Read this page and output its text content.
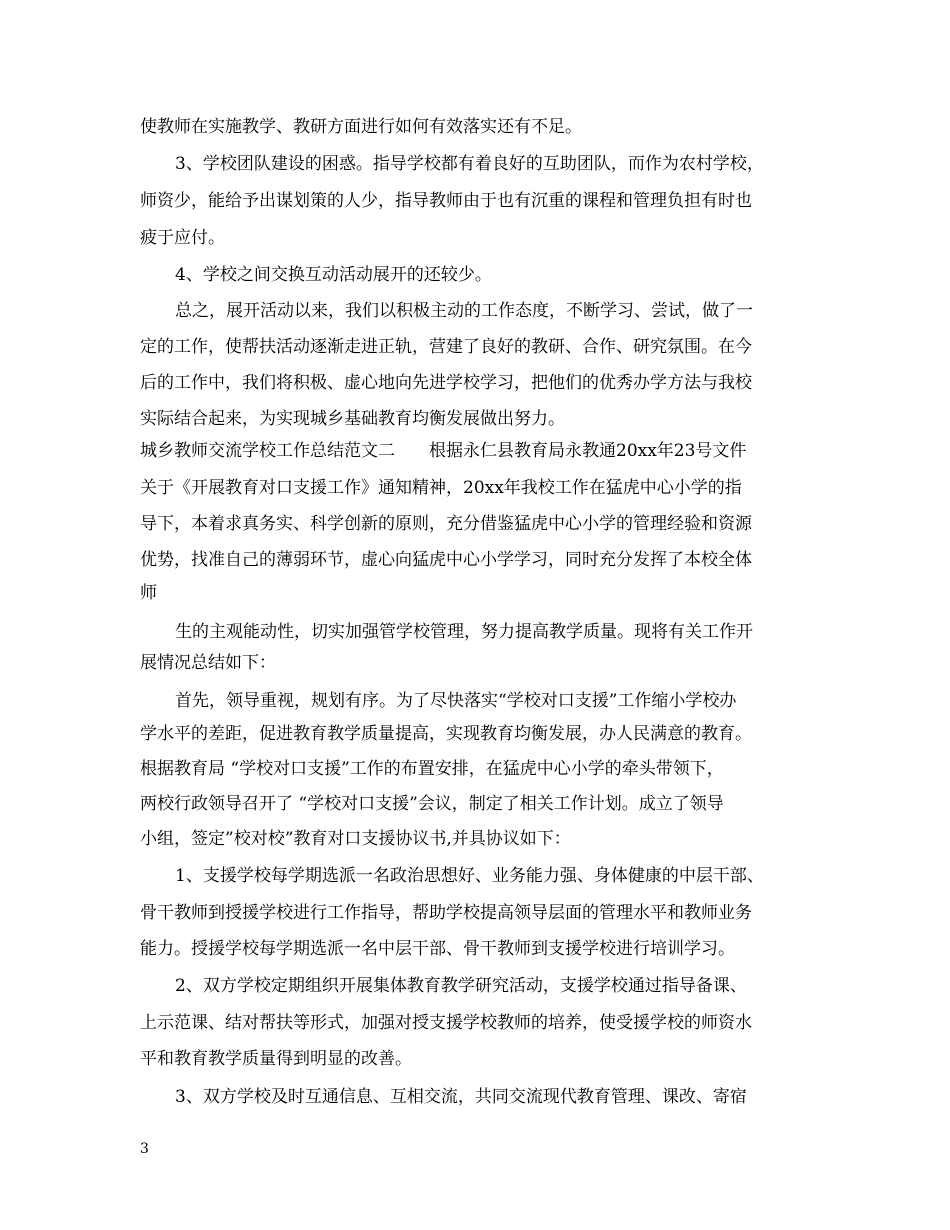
使教师在实施教学、教研方面进行如何有效落实还有不足。
3、学校团队建设的困惑。指导学校都有着良好的互助团队，而作为农村学校，
师资少，能给予出谋划策的人少，指导教师由于也有沉重的课程和管理负担有时也
疲于应付。
4、学校之间交换互动活动展开的还较少。
总之，展开活动以来，我们以积极主动的工作态度，不断学习、尝试，做了一
定的工作，使帮扶活动逐渐走进正轨，营建了良好的教研、合作、研究氛围。在今
后的工作中，我们将积极、虚心地向先进学校学习，把他们的优秀办学方法与我校
实际结合起来，为实现城乡基础教育均衡发展做出努力。
城乡教师交流学校工作总结范文二　　根据永仁县教育局永教通20xx年23号文件
关于《开展教育对口支援工作》通知精神，20xx年我校工作在猛虎中心小学的指
导下，本着求真务实、科学创新的原则，充分借鉴猛虎中心小学的管理经验和资源
优势，找准自己的薄弱环节，虚心向猛虎中心小学学习，同时充分发挥了本校全体
师
生的主观能动性，切实加强管学校管理，努力提高教学质量。现将有关工作开
展情况总结如下：
首先，领导重视，规划有序。为了尽快落实“学校对口支援”工作缩小学校办
学水平的差距，促进教育教学质量提高，实现教育均衡发展，办人民满意的教育。
根据教育局 “学校对口支援”工作的布置安排，在猛虎中心小学的牵头带领下，
两校行政领导召开了 “学校对口支援”会议，制定了相关工作计划。成立了领导
小组，签定”校对校”教育对口支援协议书,并具协议如下：
1、支援学校每学期选派一名政治思想好、业务能力强、身体健康的中层干部、
骨干教师到授援学校进行工作指导，帮助学校提高领导层面的管理水平和教师业务
能力。授援学校每学期选派一名中层干部、骨干教师到支援学校进行培训学习。
2、双方学校定期组织开展集体教育教学研究活动，支援学校通过指导备课、
上示范课、结对帮扶等形式，加强对授支援学校教师的培养，使受援学校的师资水
平和教育教学质量得到明显的改善。
3、双方学校及时互通信息、互相交流，共同交流现代教育管理、课改、寄宿
3
